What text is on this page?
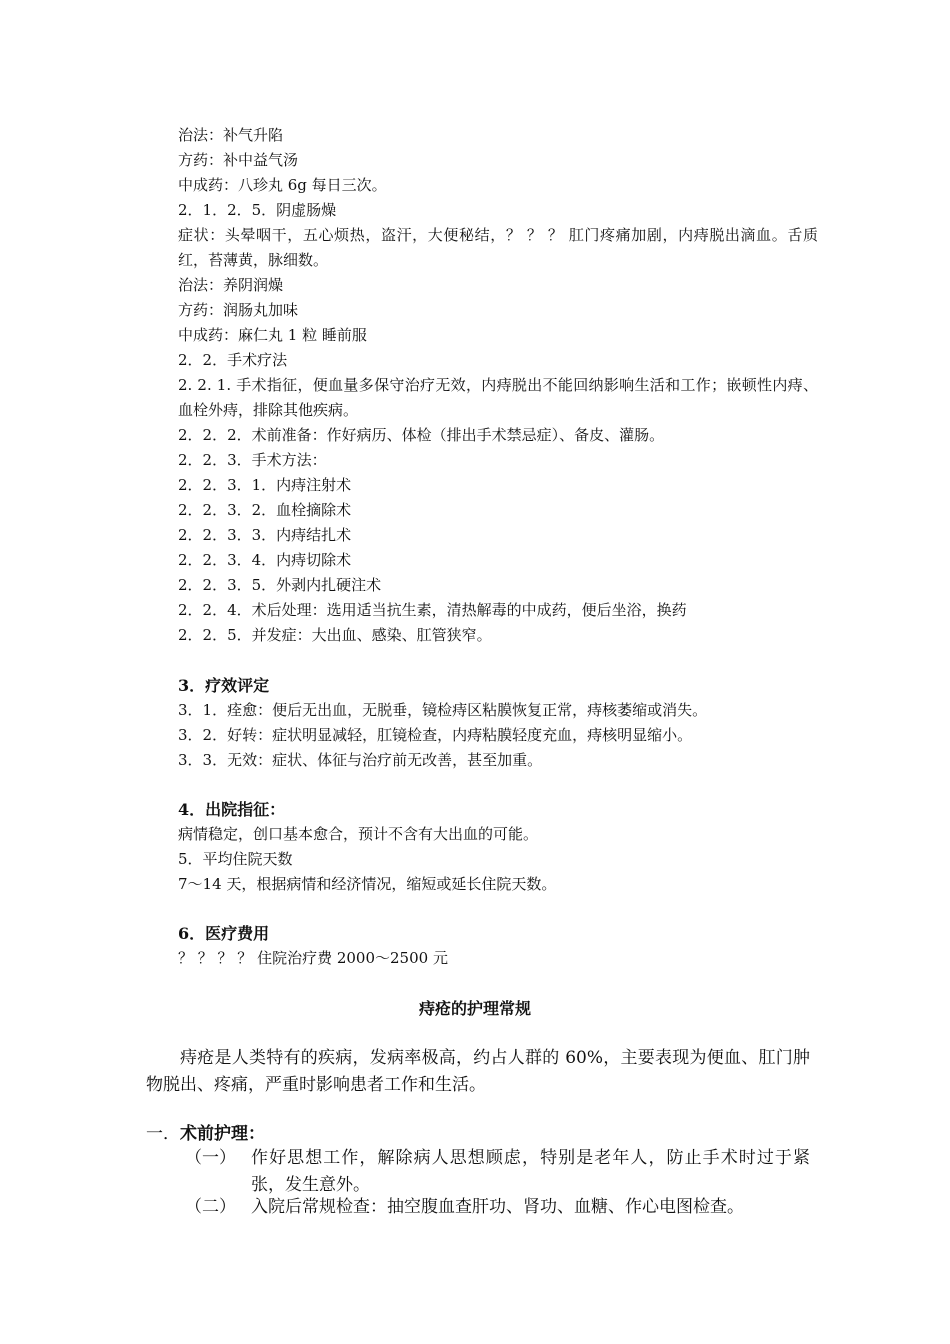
治法：补气升陷
方药：补中益气汤
中成药：八珍丸 6g 每日三次。
2．1．2．5．阴虚肠燥
症状：头晕咽干，五心烦热，盗汗，大便秘结，？ ？ ？ 肛门疼痛加剧，内痔脱出滴血。舌质红，苔薄黄，脉细数。
治法：养阴润燥
方药：润肠丸加味
中成药：麻仁丸 1 粒 睡前服
2．2．手术疗法
2. 2. 1. 手术指征，便血量多保守治疗无效，内痔脱出不能回纳影响生活和工作；嵌顿性内痔、血栓外痔，排除其他疾病。
2．2．2．术前准备：作好病历、体检（排出手术禁忌症）、备皮、灌肠。
2．2．3．手术方法：
2．2．3．1．内痔注射术
2．2．3．2．血栓摘除术
2．2．3．3．内痔结扎术
2．2．3．4．内痔切除术
2．2．3．5．外剥内扎硬注术
2．2．4．术后处理：选用适当抗生素，清热解毒的中成药，便后坐浴，换药
2．2．5．并发症：大出血、感染、肛管狭窄。
3．疗效评定
3．1．痊愈：便后无出血，无脱垂，镜检痔区粘膜恢复正常，痔核萎缩或消失。
3．2．好转：症状明显减轻，肛镜检查，内痔粘膜轻度充血，痔核明显缩小。
3．3．无效：症状、体征与治疗前无改善，甚至加重。
4．出院指征：
病情稳定，创口基本愈合，预计不含有大出血的可能。
5．平均住院天数
7～14 天，根据病情和经济情况，缩短或延长住院天数。
6．医疗费用
？ ？ ？ ？ 住院治疗费 2000～2500 元
痔疮的护理常规
痔疮是人类特有的疾病，发病率极高，约占人群的 60%，主要表现为便血、肛门肿物脱出、疼痛，严重时影响患者工作和生活。
一．术前护理：
（一） 作好思想工作，解除病人思想顾虑，特别是老年人，防止手术时过于紧张，发生意外。
（二） 入院后常规检查：抽空腹血查肝功、肾功、血糖、作心电图检查。
